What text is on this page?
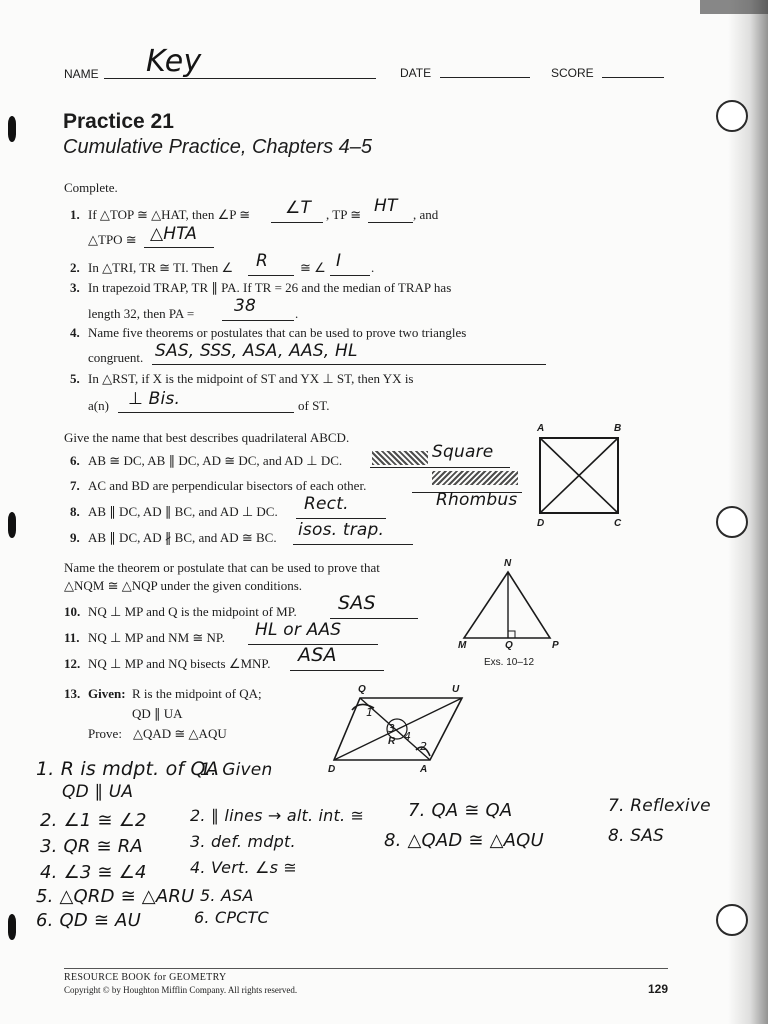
NAME Key	DATE	SCORE
Practice 21
Cumulative Practice, Chapters 4–5
Complete.
1. If △TOP ≅ △HAT, then ∠P ≅ ∠T , TP ≅ HT , and
△TPO ≅ △HTA
2. In △TRI, TR ≅ TI. Then ∠ R ≅ ∠ I .
3. In trapezoid TRAP, TR ∥ PA. If TR = 26 and the median of TRAP has
length 32, then PA = 38	.
4. Name five theorems or postulates that can be used to prove two triangles
congruent. SAS, SSS, ASA, AAS, HL
5. In △RST, if X is the midpoint of ST and YX ⊥ ST, then YX is
a(n) ⊥ Bis.	of ST.
Give the name that best describes quadrilateral ABCD.
6. AB ≅ DC, AB ∥ DC, AD ≅ DC, and AD ⊥ DC.	Square
7. AC and BD are perpendicular bisectors of each other.
Rhombus
8. AB ∥ DC, AD ∥ BC, and AD ⊥ DC. Rect.
9. AB ∥ DC, AD ∦ BC, and AD ≅ BC. isos. trap.
A	B
C
D
Name the theorem or postulate that can be used to prove that
△NQM ≅ △NQP under the given conditions.
10. NQ ⊥ MP and Q is the midpoint of MP. SAS
11. NQ ⊥ MP and NM ≅ NP. HL or AAS
12. NQ ⊥ MP and NQ bisects ∠MNP. ASA
N
M	Q	P
Exs. 10–12
13. Given: R is the midpoint of QA;
QD ∥ UA
Prove: △QAD ≅ △AQU
Q	U
D	A
R
1
2
3
4
1. R is mdpt. of QA
1. Given
QD ∥ UA
2. ∠1 ≅ ∠2	2. ∥ lines → alt. int. ≅
3. QR ≅ RA	3. def. mdpt.
4. ∠3 ≅ ∠4	4. Vert. ∠s ≅
5. △QRD ≅ △ARU 5. ASA
6. QD ≅ AU	6. CPCTC
7. QA ≅ QA	7. Reflexive
8. △QAD ≅ △AQU	8. SAS
RESOURCE BOOK for GEOMETRY
Copyright © by Houghton Mifflin Company. All rights reserved.	129
